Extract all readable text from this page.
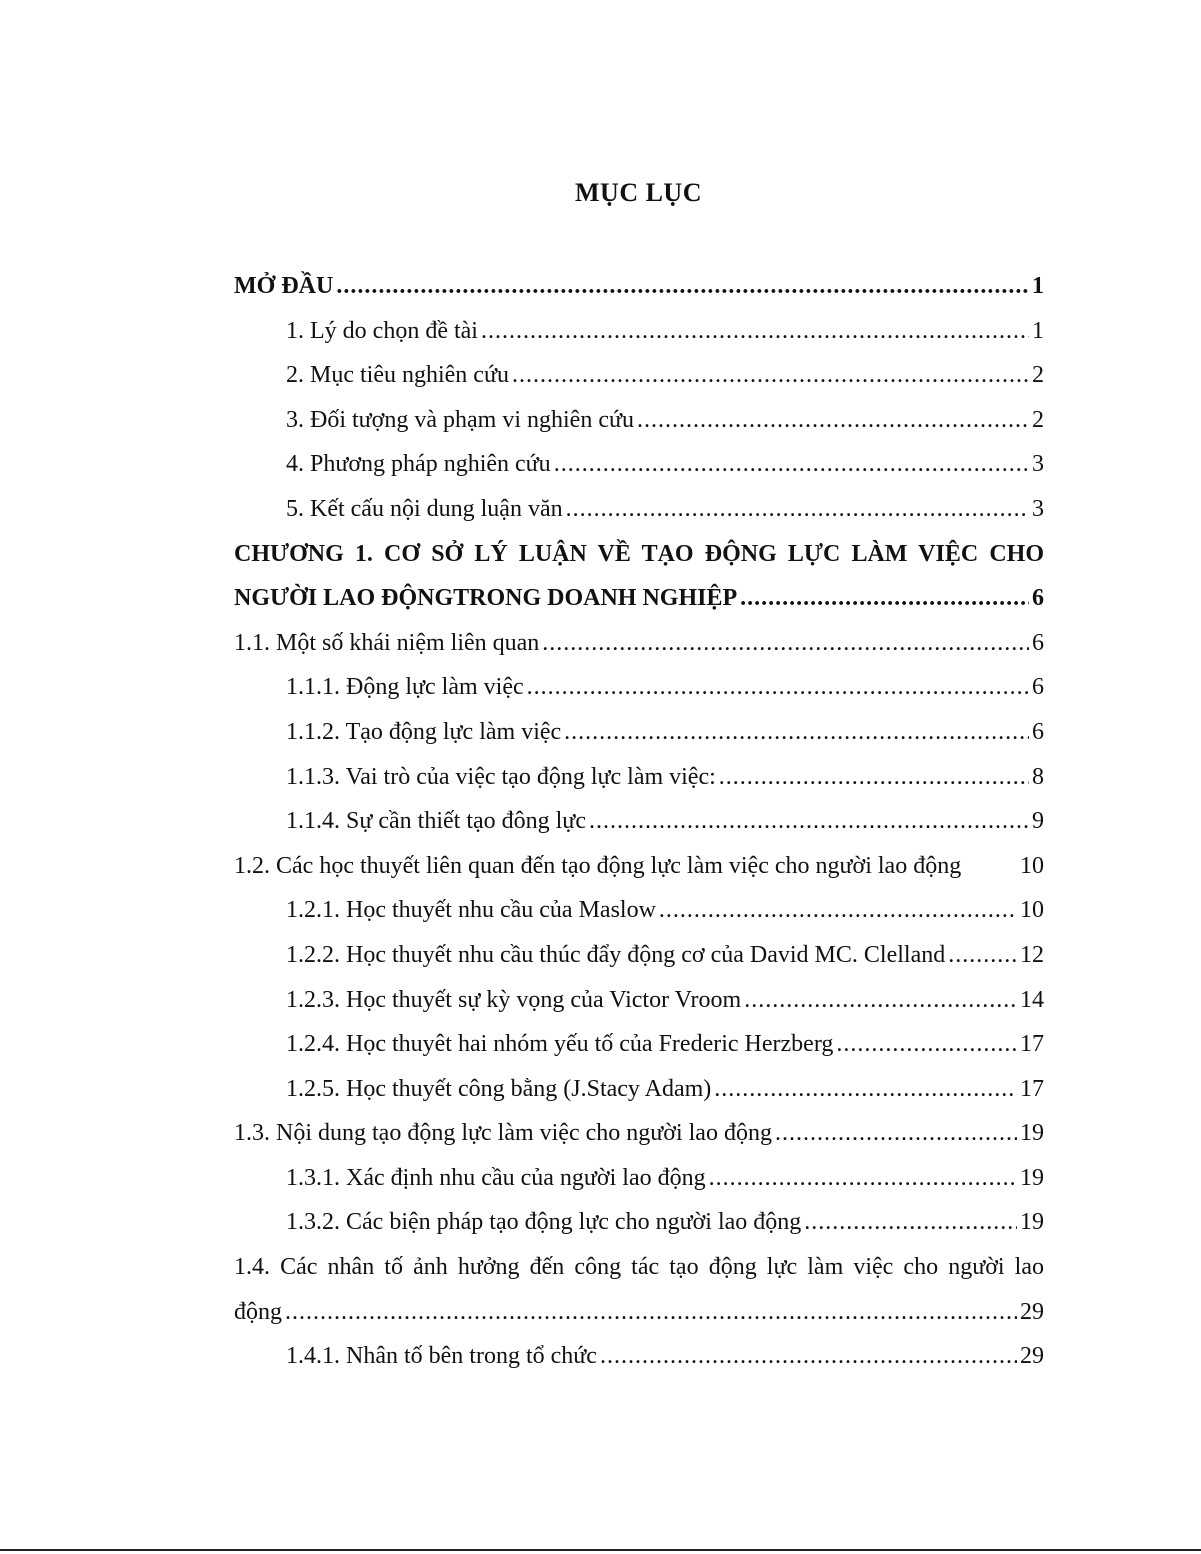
MỤC LỤC
MỞ ĐẦU .....	1
1. Lý do chọn đề tài .....	1
2. Mục tiêu nghiên cứu .....	2
3. Đối tượng và phạm vi nghiên cứu .....	2
4. Phương pháp nghiên cứu .....	3
5. Kết cấu nội dung luận văn .....	3
CHƯƠNG 1. CƠ SỞ LÝ LUẬN VỀ TẠO ĐỘNG LỰC LÀM VIỆC CHO
NGƯỜI LAO ĐỘNGTRONG DOANH NGHIỆP .....	6
1.1. Một số khái niệm liên quan .....	6
1.1.1. Động lực làm việc .....	6
1.1.2. Tạo động lực làm việc .....	6
1.1.3. Vai trò của việc tạo động lực làm việc: .....	8
1.1.4. Sự cần thiết tạo đông lực .....	9
1.2. Các học thuyết liên quan đến tạo động lực làm việc cho người lao động	10
1.2.1. Học thuyết nhu cầu của Maslow .....	10
1.2.2. Học thuyết nhu cầu thúc đẩy động cơ của David MC. Clelland .....	12
1.2.3. Học thuyết sự kỳ vọng của Victor Vroom .....	14
1.2.4. Học thuyêt hai nhóm yếu tố của Frederic Herzberg .....	17
1.2.5. Học thuyết công bằng (J.Stacy Adam) .....	17
1.3. Nội dung tạo động lực làm việc cho người lao động .....	19
1.3.1. Xác định nhu cầu của người lao động .....	19
1.3.2. Các biện pháp tạo động lực cho người lao động .....	19
1.4. Các nhân tố ảnh hưởng đến công tác tạo động lực làm việc cho người lao
động .....	29
1.4.1. Nhân tố bên trong tổ chức .....	29
